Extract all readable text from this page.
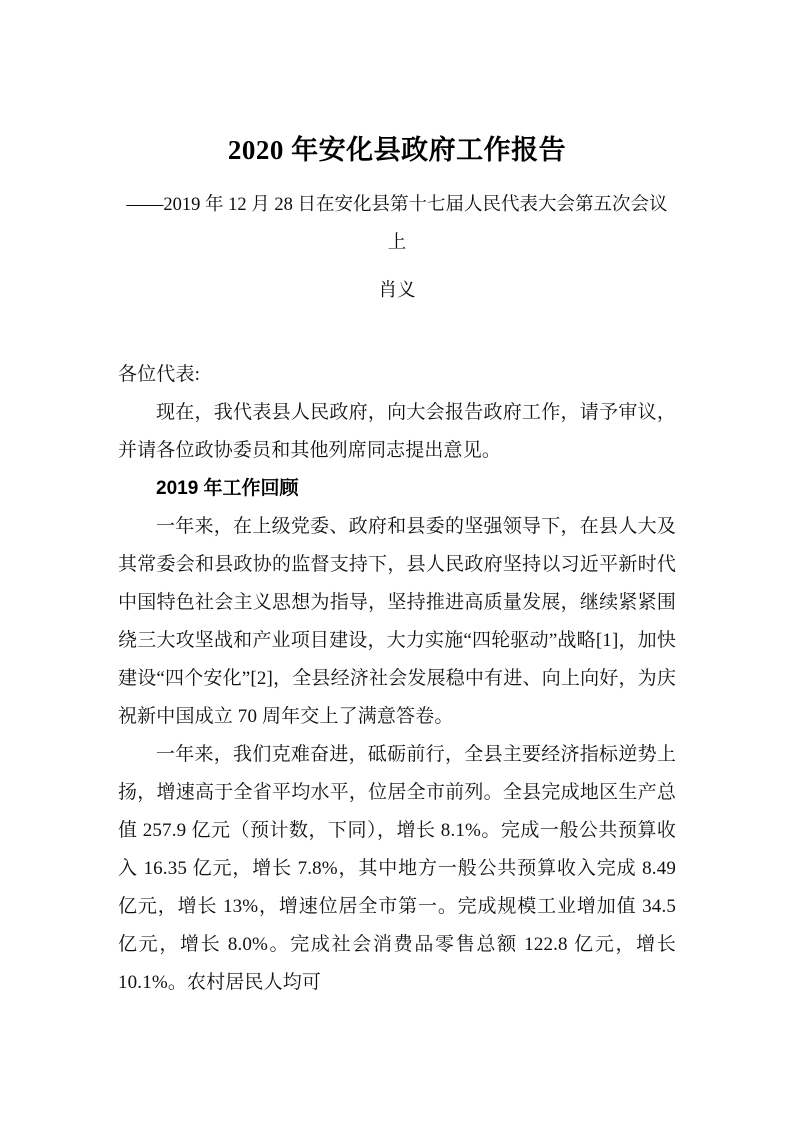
2020 年安化县政府工作报告
——2019 年 12 月 28 日在安化县第十七届人民代表大会第五次会议上
肖义

各位代表:

现在，我代表县人民政府，向大会报告政府工作，请予审议，并请各位政协委员和其他列席同志提出意见。

2019 年工作回顾

一年来，在上级党委、政府和县委的坚强领导下，在县人大及其常委会和县政协的监督支持下，县人民政府坚持以习近平新时代中国特色社会主义思想为指导，坚持推进高质量发展，继续紧紧围绕三大攻坚战和产业项目建设，大力实施“四轮驱动”战略[1]，加快建设“四个安化”[2]，全县经济社会发展稳中有进、向上向好，为庆祝新中国成立 70 周年交上了满意答卷。

一年来，我们克难奋进，砥砺前行，全县主要经济指标逆势上扬，增速高于全省平均水平，位居全市前列。全县完成地区生产总值 257.9 亿元（预计数，下同），增长 8.1%。完成一般公共预算收入 16.35 亿元，增长 7.8%，其中地方一般公共预算收入完成 8.49 亿元，增长 13%，增速位居全市第一。完成规模工业增加值 34.5 亿元，增长 8.0%。完成社会消费品零售总额 122.8 亿元，增长 10.1%。农村居民人均可
